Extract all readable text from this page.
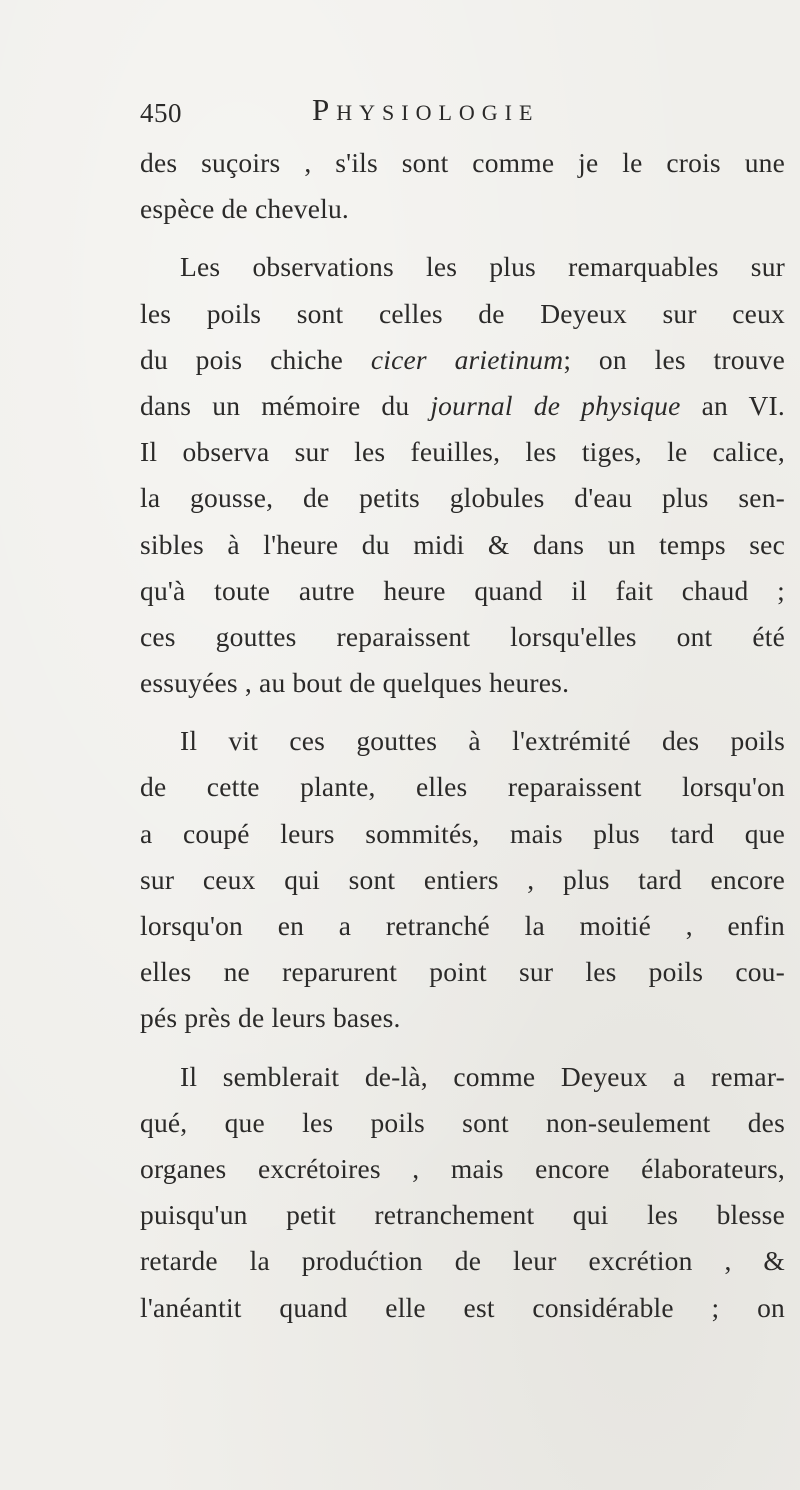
450	Physiologie
des suçoirs , s'ils sont comme je le crois une
espèce de chevelu.
Les observations les plus remarquables sur
les poils sont celles de Deyeux sur ceux
du pois chiche cicer arietinum; on les trouve
dans un mémoire du journal de physique an VI.
Il observa sur les feuilles, les tiges, le calice,
la gousse, de petits globules d'eau plus sen-
sibles à l'heure du midi & dans un temps sec
qu'à toute autre heure quand il fait chaud ;
ces gouttes reparaissent lorsqu'elles ont été
essuyées , au bout de quelques heures.
Il vit ces gouttes à l'extrémité des poils
de cette plante, elles reparaissent lorsqu'on
a coupé leurs sommités, mais plus tard que
sur ceux qui sont entiers , plus tard encore
lorsqu'on en a retranché la moitié , enfin
elles ne reparurent point sur les poils cou-
pés près de leurs bases.
Il semblerait de-là, comme Deyeux a remar-
qué, que les poils sont non-seulement des
organes excrétoires , mais encore élaborateurs,
puisqu'un petit retranchement qui les blesse
retarde la produćtion de leur excrétion , &
l'anéantit quand elle est considérable ; on
